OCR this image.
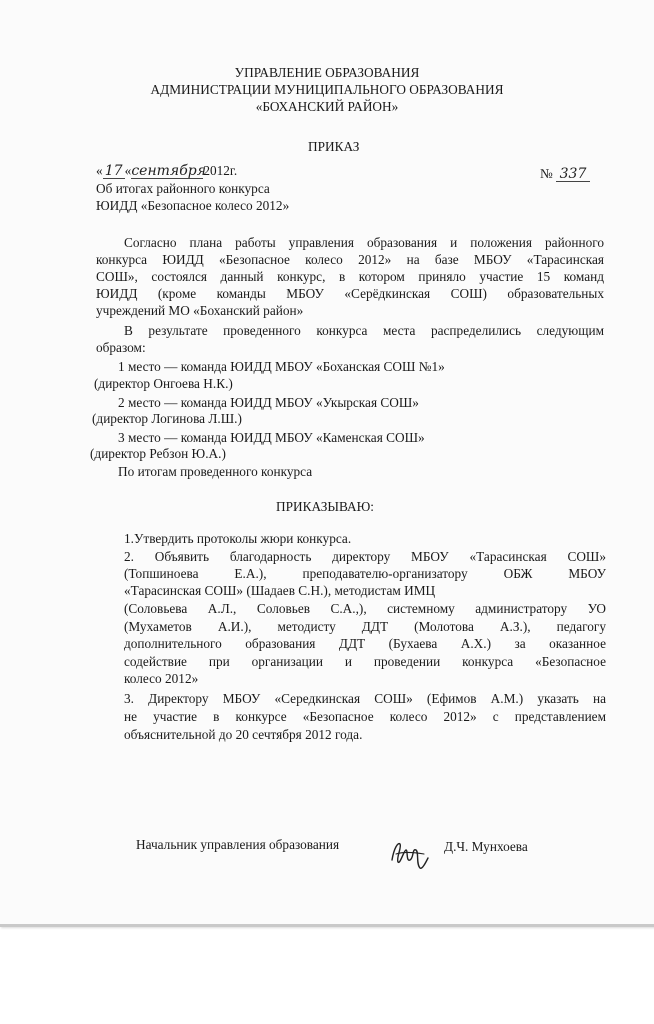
УПРАВЛЕНИЕ ОБРАЗОВАНИЯ
АДМИНИСТРАЦИИ МУНИЦИПАЛЬНОГО ОБРАЗОВАНИЯ
«БОХАНСКИЙ РАЙОН»
ПРИКАЗ
« 17 «сентября2012г.	№ 337
Об итогах районного конкурса
ЮИДД «Безопасное колесо 2012»
Согласно плана работы управления образования и положения районного
конкурса ЮИДД «Безопасное колесо 2012» на базе МБОУ «Тарасинская
СОШ», состоялся данный конкурс, в котором приняло участие 15 команд
ЮИДД (кроме команды МБОУ «Серёдкинская СОШ) образовательных
учреждений МО «Боханский район»
В результате проведенного конкурса места распределились следующим
образом:
1 место — команда ЮИДД МБОУ «Боханская СОШ №1»
(директор Онгоева Н.К.)
2 место — команда ЮИДД МБОУ «Укырская СОШ»
(директор Логинова Л.Ш.)
3 место — команда ЮИДД МБОУ «Каменская СОШ»
(директор Ребзон Ю.А.)
По итогам проведенного конкурса
ПРИКАЗЫВАЮ:
1.Утвердить протоколы жюри конкурса.
2. Объявить благодарность директору МБОУ «Тарасинская СОШ»
(Топшиноева Е.А.), преподавателю-организатору ОБЖ МБОУ
«Тарасинская СОШ» (Шадаев С.Н.), методистам ИМЦ
(Соловьева А.Л., Соловьев С.А.,), системному администратору УО
(Мухаметов А.И.), методисту ДДТ (Молотова А.З.), педагогу
дополнительного образования ДДТ (Бухаева А.Х.) за оказанное
содействие при организации и проведении конкурса «Безопасное
колесо 2012»
3. Директору МБОУ «Середкинская СОШ» (Ефимов А.М.) указать на
не участие в конкурсе «Безопасное колесо 2012» с представлением
объяснительной до 20 сечтября 2012 года.
Начальник управления образования	Д.Ч. Мунхоева
